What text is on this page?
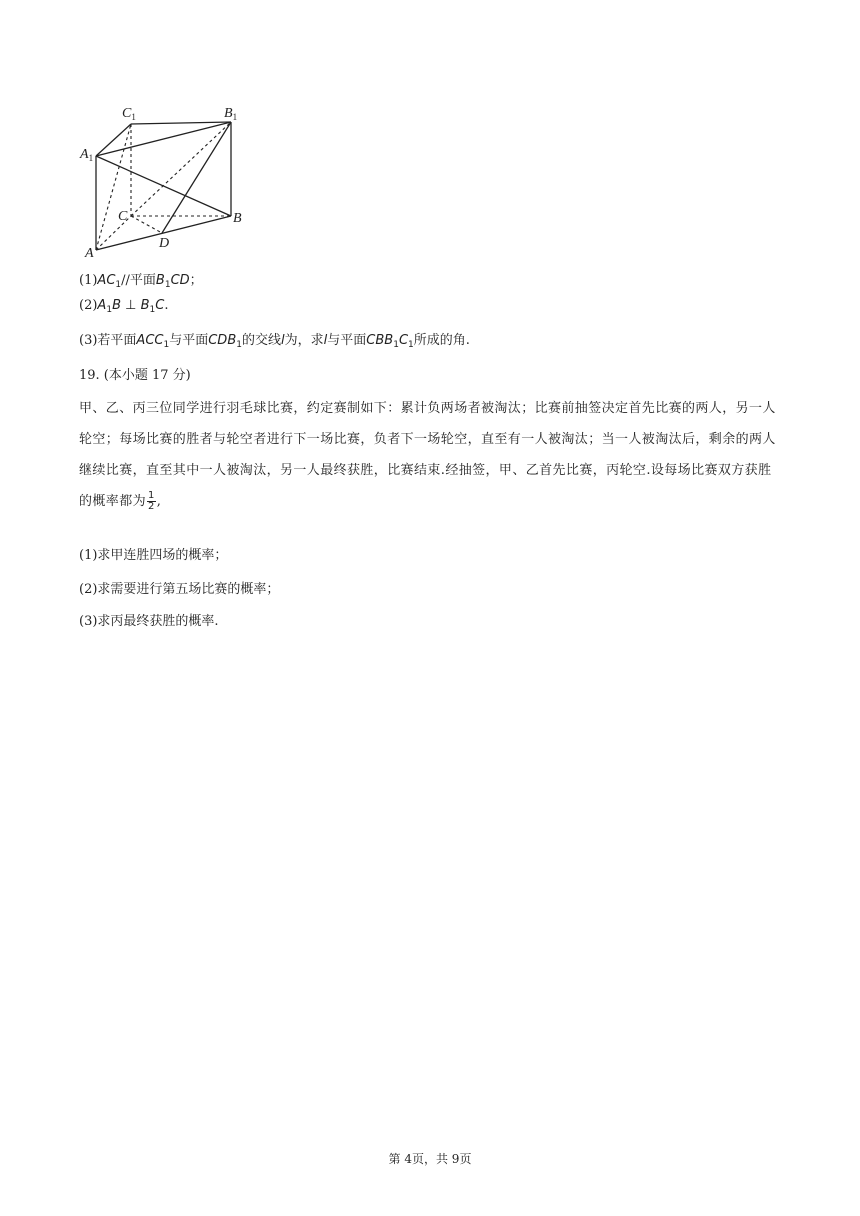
$C_1$	$B_1$
$A_1$
C	B
A
D
$(1)AC_1//$平面$B_1CD$；
$(2)A_1B$ ⊥ $B_1C$.
(3)若平面$ACC_1$与平面$CDB_1$的交线l为，求l与平面$CBB_1C_1$所成的角.
19. (本小题 17 分)
甲、乙、丙三位同学进行羽毛球比赛，约定赛制如下：累计负两场者被淘汰；比赛前抽签决定首先比赛的两人，另一人轮空；每场比赛的胜者与轮空者进行下一场比赛，负者下一场轮空，直至有一人被淘汰；当一人被淘汰后，剩余的两人继续比赛，直至其中一人被淘汰，另一人最终获胜，比赛结束.经抽签，甲、乙首先比赛，丙轮空.设每场比赛双方获胜的概率都为 $\frac{1}{2}$ ,
(1)求甲连胜四场的概率；
(2)求需要进行第五场比赛的概率；
(3)求丙最终获胜的概率.
第 4页，共 9页
